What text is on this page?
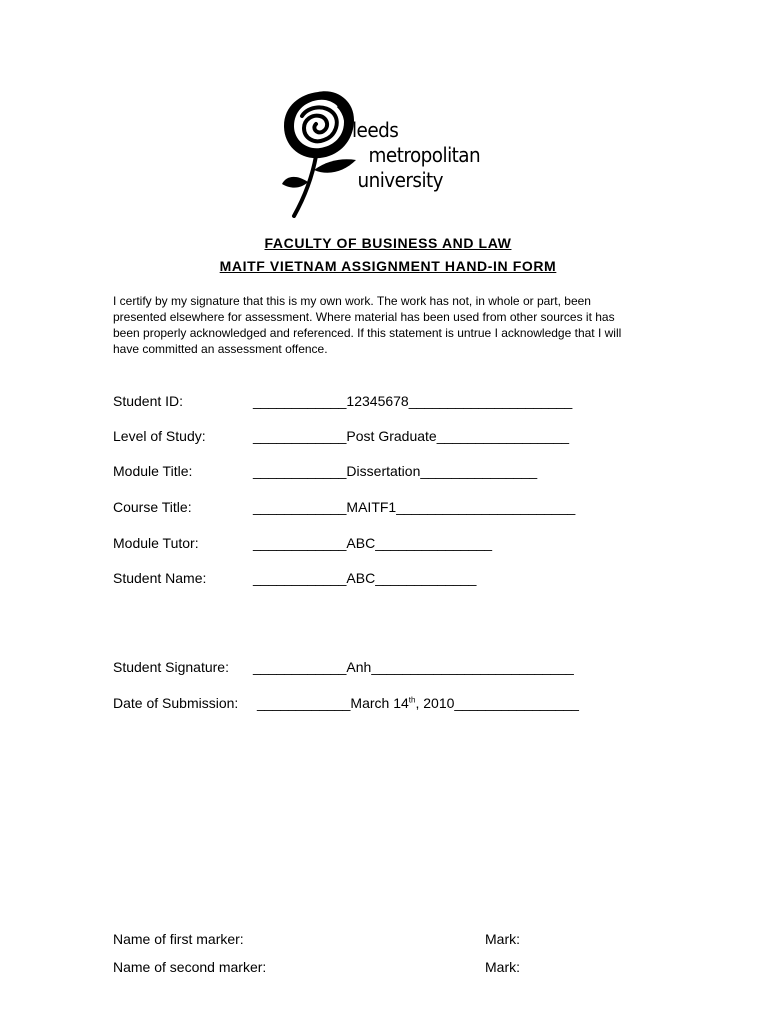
leeds
metropolitan
university
FACULTY OF BUSINESS AND LAW
MAITF VIETNAM ASSIGNMENT HAND-IN FORM
I certify by my signature that this is my own work. The work has not, in whole or part, been
presented elsewhere for assessment. Where material has been used from other sources it has
been properly acknowledged and referenced. If this statement is untrue I acknowledge that I will
have committed an assessment offence.
Student ID:	____________12345678_____________________
Level of Study:	____________Post Graduate_________________
Module Title:	____________Dissertation_______________
Course Title:	____________MAITF1_______________________
Module Tutor:	____________ABC_______________
Student Name:	____________ABC_____________
Student Signature: ____________Anh__________________________
Date of Submission: ____________March 14th, 2010________________
Name of first marker:	Mark:
Name of second marker:	Mark:
